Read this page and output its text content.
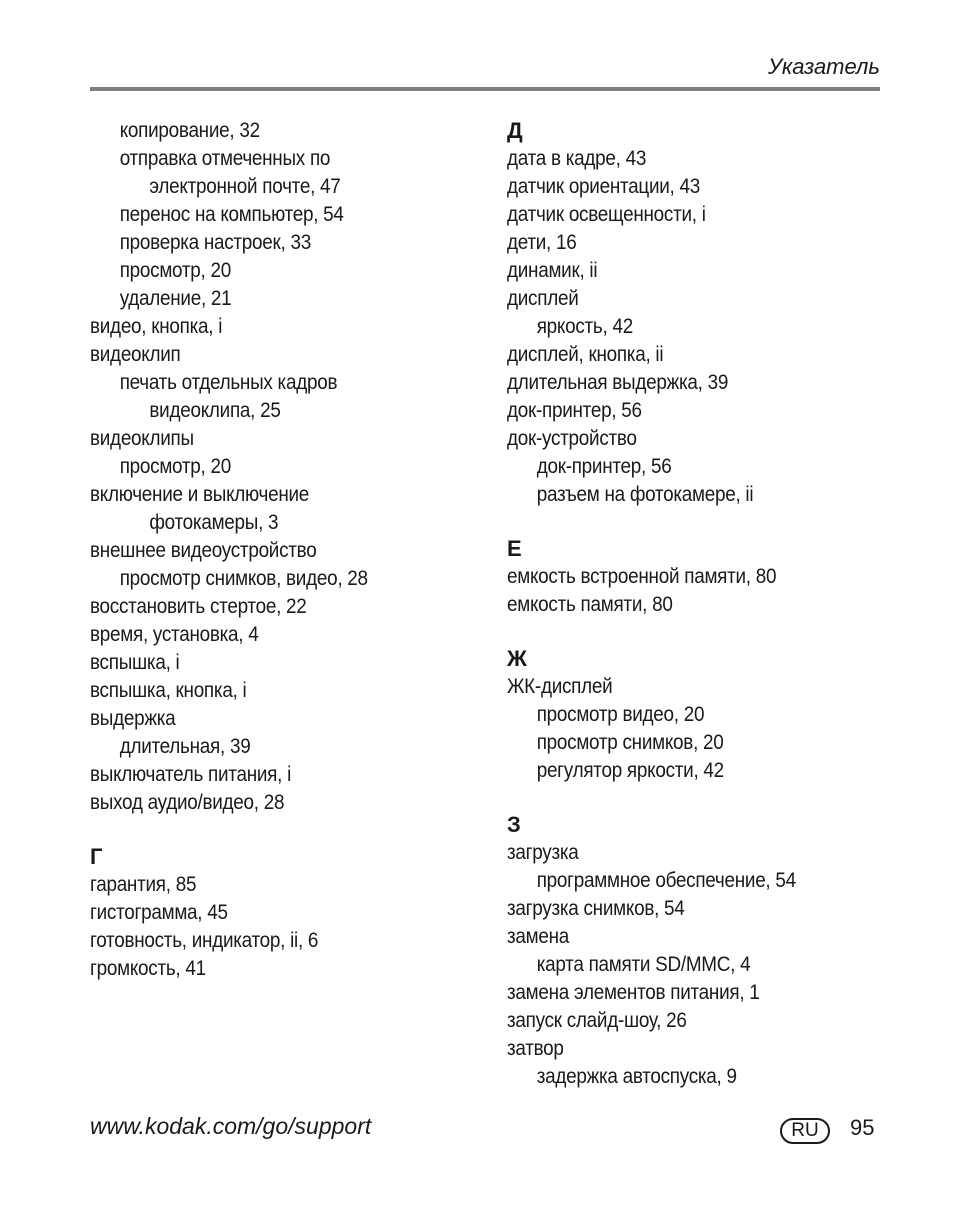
Указатель
копирование, 32
отправка отмеченных по
электронной почте, 47
перенос на компьютер, 54
проверка настроек, 33
просмотр, 20
удаление, 21
видео, кнопка, i
видеоклип
печать отдельных кадров
видеоклипа, 25
видеоклипы
просмотр, 20
включение и выключение
фотокамеры, 3
внешнее видеоустройство
просмотр снимков, видео, 28
восстановить стертое, 22
время, установка, 4
вспышка, i
вспышка, кнопка, i
выдержка
длительная, 39
выключатель питания, i
выход аудио/видео, 28
Г
гарантия, 85
гистограмма, 45
готовность, индикатор, ii, 6
громкость, 41
Д
дата в кадре, 43
датчик ориентации, 43
датчик освещенности, i
дети, 16
динамик, ii
дисплей
яркость, 42
дисплей, кнопка, ii
длительная выдержка, 39
док-принтер, 56
док-устройство
док-принтер, 56
разъем на фотокамере, ii
Е
емкость встроенной памяти, 80
емкость памяти, 80
Ж
ЖК-дисплей
просмотр видео, 20
просмотр снимков, 20
регулятор яркости, 42
З
загрузка
программное обеспечение, 54
загрузка снимков, 54
замена
карта памяти SD/MMC, 4
замена элементов питания, 1
запуск слайд-шоу, 26
затвор
задержка автоспуска, 9
www.kodak.com/go/support	RU	95
